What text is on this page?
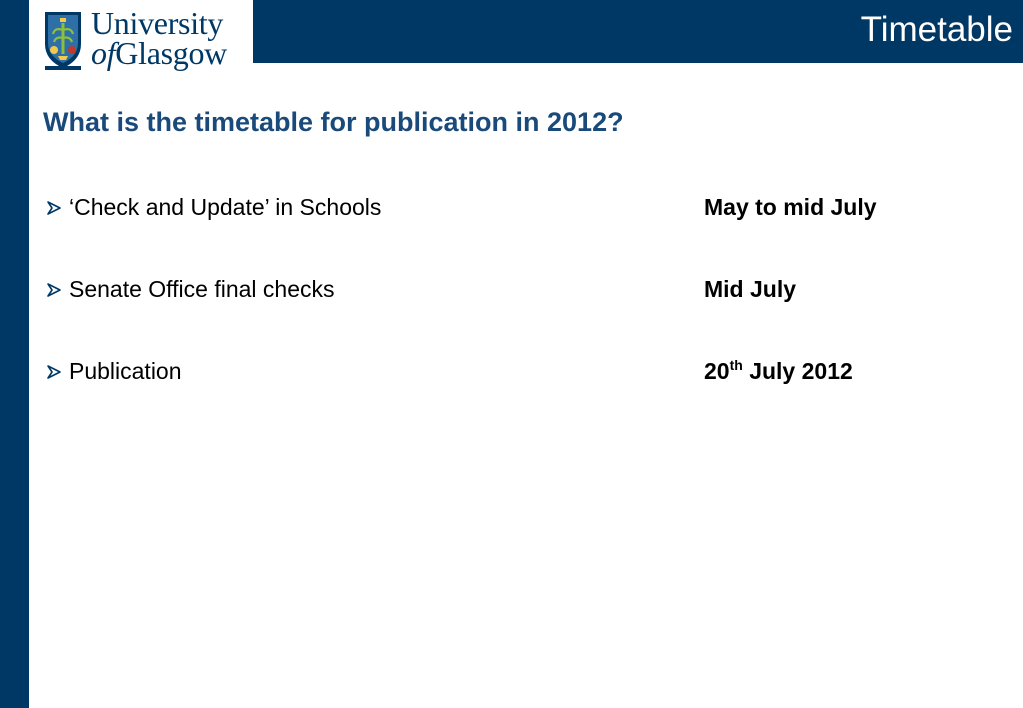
Timetable
University
ofGlasgow
What is the timetable for publication in 2012?
‘Check and Update’ in Schools	May to mid July
Senate Office final checks	Mid July
Publication	20th July 2012
